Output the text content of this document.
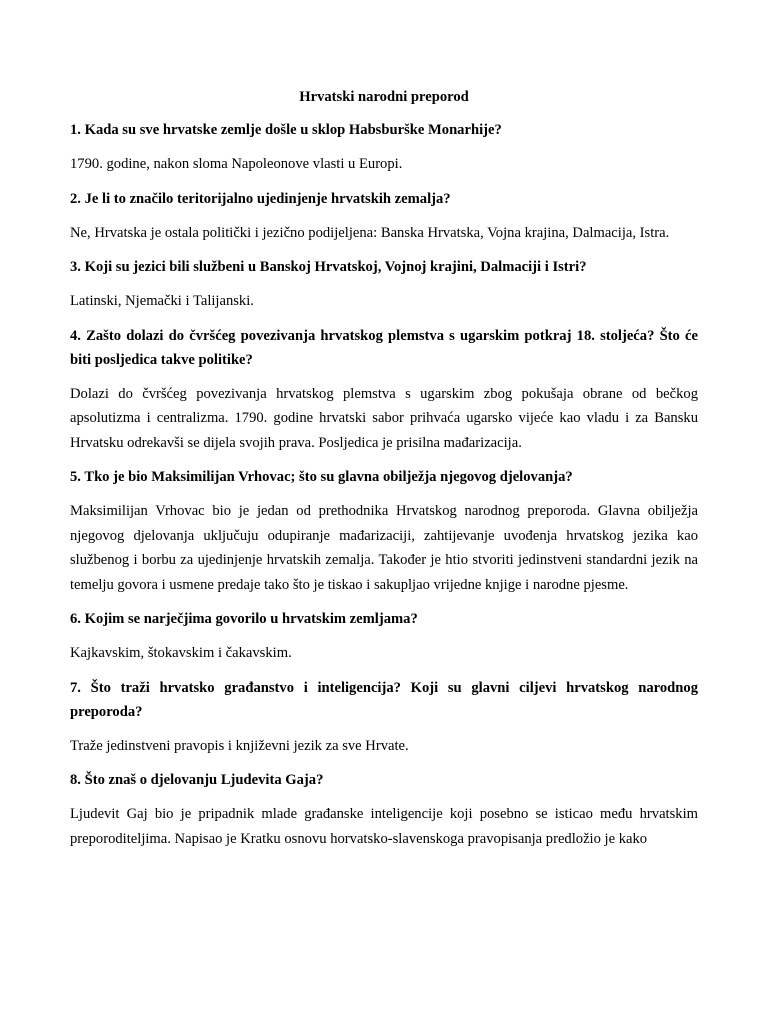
Hrvatski narodni preporod

1. Kada su sve hrvatske zemlje došle u sklop Habsburške Monarhije?

1790. godine, nakon sloma Napoleonove vlasti u Europi.

2. Je li to značilo teritorijalno ujedinjenje hrvatskih zemalja?

Ne, Hrvatska je ostala politički i jezično podijeljena: Banska Hrvatska, Vojna krajina, Dalmacija, Istra.

3. Koji su jezici bili službeni u Banskoj Hrvatskoj, Vojnoj krajini, Dalmaciji i Istri?

Latinski, Njemački i Talijanski.

4. Zašto dolazi do čvršćeg povezivanja hrvatskog plemstva s ugarskim potkraj 18. stoljeća? Što će biti posljedica takve politike?

Dolazi do čvršćeg povezivanja hrvatskog plemstva s ugarskim zbog pokušaja obrane od bečkog apsolutizma i centralizma. 1790. godine hrvatski sabor prihvaća ugarsko vijeće kao vladu i za Bansku Hrvatsku odrekavši se dijela svojih prava. Posljedica je prisilna mađarizacija.

5. Tko je bio Maksimilijan Vrhovac; što su glavna obilježja njegovog djelovanja?

Maksimilijan Vrhovac bio je jedan od prethodnika Hrvatskog narodnog preporoda. Glavna obilježja njegovog djelovanja uključuju odupiranje mađarizaciji, zahtijevanje uvođenja hrvatskog jezika kao službenog i borbu za ujedinjenje hrvatskih zemalja. Također je htio stvoriti jedinstveni standardni jezik na temelju govora i usmene predaje tako što je tiskao i sakupljao vrijedne knjige i narodne pjesme.

6. Kojim se narječjima govorilo u hrvatskim zemljama?

Kajkavskim, štokavskim i čakavskim.

7. Što traži hrvatsko građanstvo i inteligencija? Koji su glavni ciljevi hrvatskog narodnog preporoda?

Traže jedinstveni pravopis i književni jezik za sve Hrvate.

8. Što znaš o djelovanju Ljudevita Gaja?

Ljudevit Gaj bio je pripadnik mlade građanske inteligencije koji posebno se isticao među hrvatskim preporoditeljima. Napisao je Kratku osnovu horvatsko-slavenskoga pravopisanja predložio je kako
